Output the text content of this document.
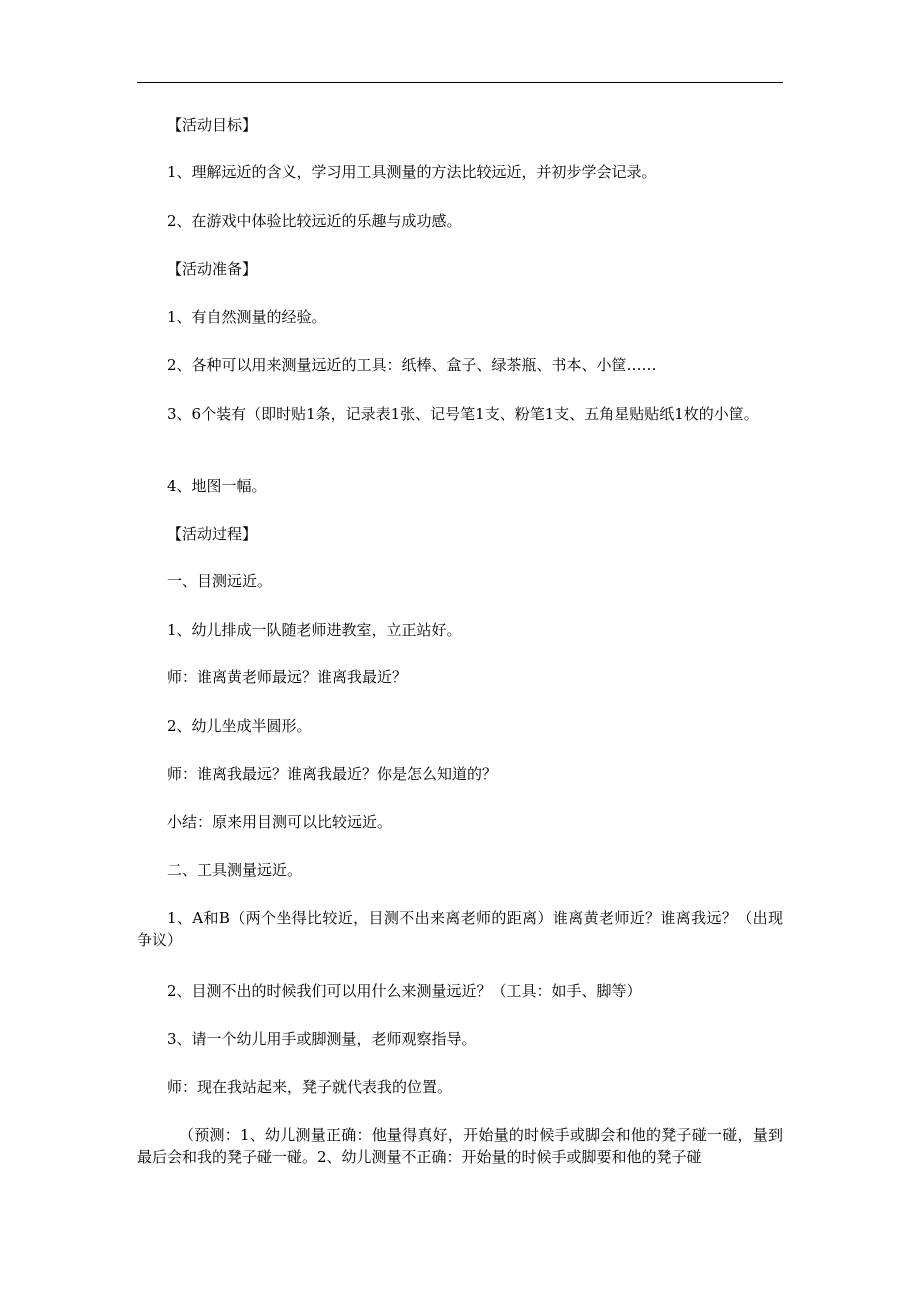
【活动目标】
1、理解远近的含义，学习用工具测量的方法比较远近，并初步学会记录。
2、在游戏中体验比较远近的乐趣与成功感。
【活动准备】
1、有自然测量的经验。
2、各种可以用来测量远近的工具：纸棒、盒子、绿茶瓶、书本、小筐……
3、6个装有（即时贴1条，记录表1张、记号笔1支、粉笔1支、五角星贴贴纸1枚的小筐。
4、地图一幅。
【活动过程】
一、目测远近。
1、幼儿排成一队随老师进教室，立正站好。
师：谁离黄老师最远？谁离我最近？
2、幼儿坐成半圆形。
师：谁离我最远？谁离我最近？你是怎么知道的？
小结：原来用目测可以比较远近。
二、工具测量远近。
1、A和B（两个坐得比较近，目测不出来离老师的距离）谁离黄老师近？谁离我远？（出现争议）
2、目测不出的时候我们可以用什么来测量远近？（工具：如手、脚等）
3、请一个幼儿用手或脚测量，老师观察指导。
师：现在我站起来，凳子就代表我的位置。
（预测：1、幼儿测量正确：他量得真好，开始量的时候手或脚会和他的凳子碰一碰，量到最后会和我的凳子碰一碰。2、幼儿测量不正确：开始量的时候手或脚要和他的凳子碰
